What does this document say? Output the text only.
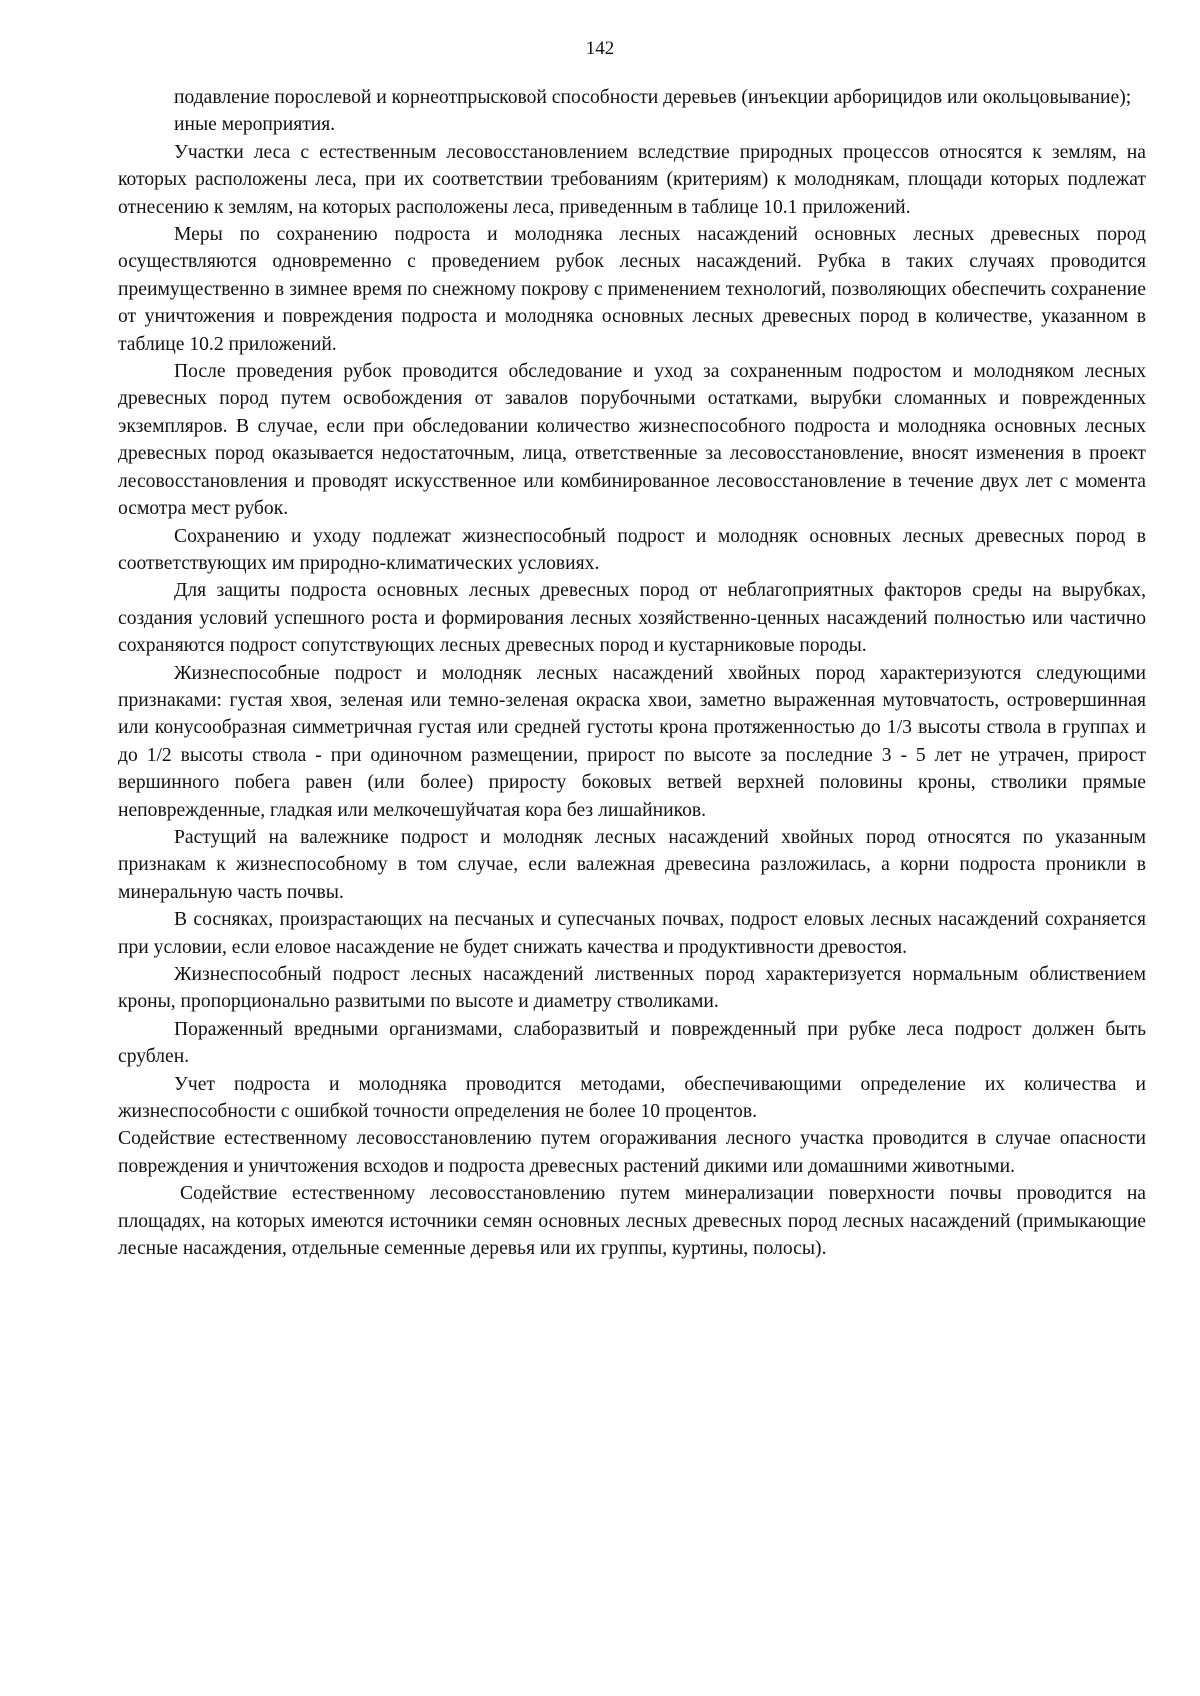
142

подавление порослевой и корнеотпрысковой способности деревьев (инъекции арборицидов или окольцовывание);

иные мероприятия.

Участки леса с естественным лесовосстановлением вследствие природных процессов относятся к землям, на которых расположены леса, при их соответствии требованиям (критериям) к молоднякам, площади которых подлежат отнесению к землям, на которых расположены леса, приведенным в таблице 10.1 приложений.

Меры по сохранению подроста и молодняка лесных насаждений основных лесных древесных пород осуществляются одновременно с проведением рубок лесных насаждений. Рубка в таких случаях проводится преимущественно в зимнее время по снежному покрову с применением технологий, позволяющих обеспечить сохранение от уничтожения и повреждения подроста и молодняка основных лесных древесных пород в количестве, указанном в таблице 10.2 приложений.

После проведения рубок проводится обследование и уход за сохраненным подростом и молодняком лесных древесных пород путем освобождения от завалов порубочными остатками, вырубки сломанных и поврежденных экземпляров. В случае, если при обследовании количество жизнеспособного подроста и молодняка основных лесных древесных пород оказывается недостаточным, лица, ответственные за лесовосстановление, вносят изменения в проект лесовосстановления и проводят искусственное или комбинированное лесовосстановление в течение двух лет с момента осмотра мест рубок.

Сохранению и уходу подлежат жизнеспособный подрост и молодняк основных лесных древесных пород в соответствующих им природно-климатических условиях.

Для защиты подроста основных лесных древесных пород от неблагоприятных факторов среды на вырубках, создания условий успешного роста и формирования лесных хозяйственно-ценных насаждений полностью или частично сохраняются подрост сопутствующих лесных древесных пород и кустарниковые породы.

Жизнеспособные подрост и молодняк лесных насаждений хвойных пород характеризуются следующими признаками: густая хвоя, зеленая или темно-зеленая окраска хвои, заметно выраженная мутовчатость, островершинная или конусообразная симметричная густая или средней густоты крона протяженностью до 1/3 высоты ствола в группах и до 1/2 высоты ствола - при одиночном размещении, прирост по высоте за последние 3 - 5 лет не утрачен, прирост вершинного побега равен (или более) приросту боковых ветвей верхней половины кроны, стволики прямые неповрежденные, гладкая или мелкочешуйчатая кора без лишайников.

Растущий на валежнике подрост и молодняк лесных насаждений хвойных пород относятся по указанным признакам к жизнеспособному в том случае, если валежная древесина разложилась, а корни подроста проникли в минеральную часть почвы.

В сосняках, произрастающих на песчаных и супесчаных почвах, подрост еловых лесных насаждений сохраняется при условии, если еловое насаждение не будет снижать качества и продуктивности древостоя.

Жизнеспособный подрост лесных насаждений лиственных пород характеризуется нормальным облиствением кроны, пропорционально развитыми по высоте и диаметру стволиками.

Пораженный вредными организмами, слаборазвитый и поврежденный при рубке леса подрост должен быть срублен.

Учет подроста и молодняка проводится методами, обеспечивающими определение их количества и жизнеспособности с ошибкой точности определения не более 10 процентов.

Содействие естественному лесовосстановлению путем огораживания лесного участка проводится в случае опасности повреждения и уничтожения всходов и подроста древесных растений дикими или домашними животными.

Содействие естественному лесовосстановлению путем минерализации поверхности почвы проводится на площадях, на которых имеются источники семян основных лесных древесных пород лесных насаждений (примыкающие лесные насаждения, отдельные семенные деревья или их группы, куртины, полосы).
